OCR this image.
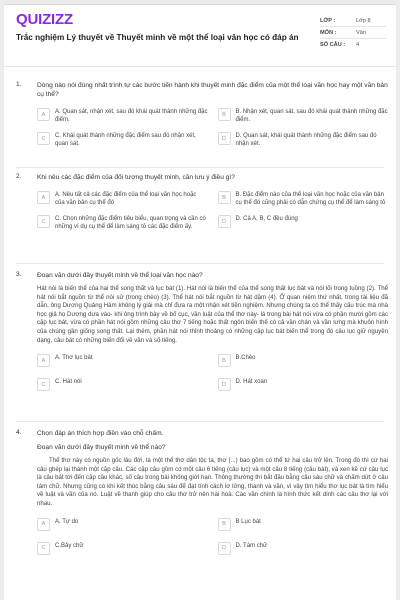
QUIZIZZ
Trắc nghiệm Lý thuyết về Thuyết minh về một thể loại văn học có đáp án
LỚP :	Lớp 8
MÔN :	Văn
SỐ CÂU :	4
1. Dòng nào nói đúng nhất trình tự các bước tiến hành khi thuyết minh đặc điểm của một thể loại văn học hay một văn bản cụ thể?
A	A. Quan sát, nhận xét, sau đó khái quát thành những đặc điểm.
B	B. Nhận xét, quan sát, sau đó khái quát thành những đặc điểm.
C	C. Khái quát thành những đặc điểm sau đó nhận xét, quan sát.
D	D. Quan sát, khái quát thành những đặc điểm sau đó nhận xét.
2. Khi nêu các đặc điểm của đối tượng thuyết minh, cần lưu ý điều gì?
A	A. Nêu tất cả các đặc điểm của thể loại văn học hoặc của văn bản cụ thể đó
B	B. Đặc điểm nào của thể loại văn học hoặc của văn bản cụ thể đó cũng phải có dẫn chứng cụ thể để làm sáng tỏ
C	C. Chọn những đặc điểm tiêu biểu, quan trọng và cần có những ví dụ cụ thể để làm sáng tỏ các đặc điểm ấy.
D	D. Cả A, B, C đều đúng
3. Đoạn văn dưới đây thuyết minh về thể loại văn học nào?
Hát nói là biến thể của hai thể song thất và lục bát (1). Hát nói là biến thể của thể song thất lục bát và nói lối trong tuồng (2). Thể hát nói bắt nguồn từ thể nói sử (trong chèo) (3). Thể hát nói bắt nguồn từ hát dặm (4). Ở quan niệm thứ nhất, trong tài liệu đã dẫn, ông Dương Quảng Hàm không lý giải mà chỉ đưa ra một nhận xét tiền nghiệm. Nhưng chúng ta có thể thấy cấu trúc mà nhà học giả họ Dương dựa vào- khi ông trình bày về bố cục, vần luật của thể thơ này- là trong bài hát nói vừa có phần mười gồm các cặp lục bát, vừa có phần hát nói gồm những câu thơ 7 tiếng hoặc thất ngôn biến thể có cả vần chân và vần lưng mà khuôn hình của chúng gần giống song thất. Lại thêm, phần hát nói thỉnh thoảng có những cặp lục bát biến thể trong đó câu lục giữ nguyên dạng, câu bát có những biến đổi về vần và số tiếng.
A	A. Thơ lục bát	B	B.Chèo
C	C. Hát nói	D	D. Hát xoan
4. Chọn đáp án thích hợp điền vào chỗ chấm.
Đoạn văn dưới đây thuyết minh về thể nào?
Thể thơ này có nguồn gốc lâu đời, là một thể thơ dân tộc ta, thơ (...) bao gồm có thể tứ hai câu trở lên. Trong đó thì cứ hai câu ghép lại thành một cặp câu. Các cặp câu gồm có một câu 6 tiếng (câu lục) và một câu 8 tiếng (câu bát), và xen kẽ cứ câu lục là câu bát tới đến cặp câu khác, số câu trong bài không giới hạn. Thông thường thì bắt đầu bằng câu sáu chữ và chấm dứt ở câu tám chữ. Nhưng cũng có khi kết thúc bằng câu sáu để đạt tính cách lơ lửng, thanh và vần, vì vậy tìm hiểu thơ lục bát là tìm hiểu về luật và vần của nó. Luật về thanh giúp cho câu thơ trở nên hài hoà. Các vần chính là hình thức kết dính các câu thơ lại với nhau.
A	A. Tự do	B	B Lục bát
C	C.Bảy chữ	D	D. Tám chữ
